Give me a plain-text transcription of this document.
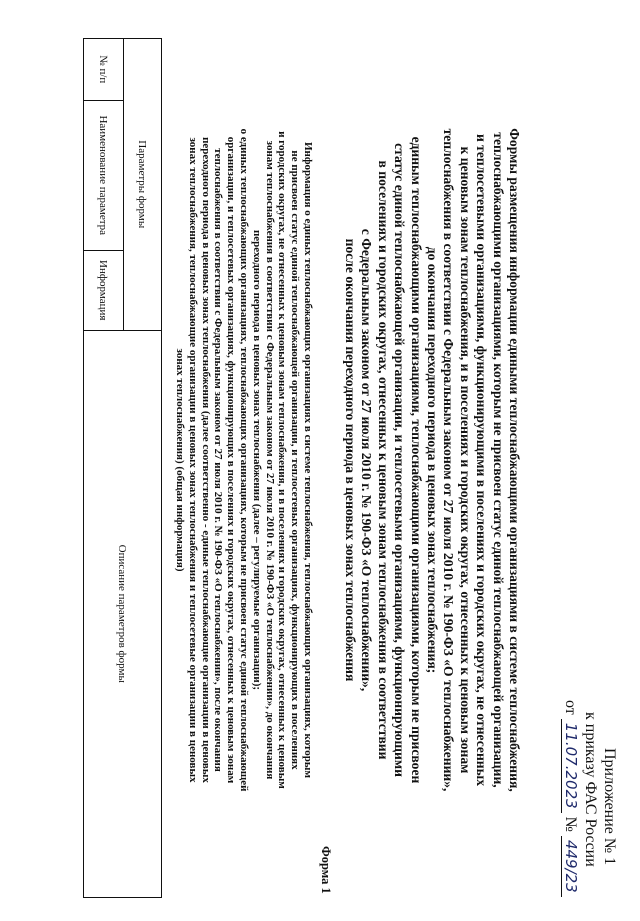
Приложение № 1
к приказу ФАС России
от 11.07.2023 № 449/23
Формы размещения информации едиными теплоснабжающими организациями в системе теплоснабжения,
теплоснабжающими организациями, которым не присвоен статус единой теплоснабжающей организации,
и теплосетевыми организациями, функционирующими в поселениях и городских округах, не отнесенных
к ценовым зонам теплоснабжения, и в поселениях и городских округах, отнесенных к ценовым зонам
теплоснабжения в соответствии с Федеральным законом от 27 июля 2010 г. № 190-ФЗ «О теплоснабжении»,
до окончания переходного периода в ценовых зонах теплоснабжения;
единым теплоснабжающими организациями, теплоснабжающими организациями, которым не присвоен
статус единой теплоснабжающей организации, и теплосетевыми организациями, функционирующими
в поселениях и городских округах, отнесенных к ценовым зонам теплоснабжения в соответствии
с Федеральным законом от 27 июля 2010 г. № 190-ФЗ «О теплоснабжении»,
после окончания переходного периода в ценовых зонах теплоснабжения
Форма 1
Информация о единых теплоснабжающих организациях в системе теплоснабжения, теплоснабжающих организациях, которым
не присвоен статус единой теплоснабжающей организации, и теплосетевых организациях, функционирующих в поселениях
и городских округах, не отнесенных к ценовым зонам теплоснабжения, и в поселениях и городских округах, отнесенных к ценовым
зонам теплоснабжения в соответствии с Федеральным законом от 27 июля 2010 г. № 190-ФЗ «О теплоснабжении», до окончания
переходного периода в ценовых зонах теплоснабжения (далее – регулируемые организации);
о единых теплоснабжающих организациях, теплоснабжающих организациях, которым не присвоен статус единой теплоснабжающей
организации, и теплосетевых организациях, функционирующих в поселениях и городских округах, отнесенных к ценовым зонам
теплоснабжения в соответствии с Федеральным законом от 27 июля 2010 г. № 190-ФЗ «О теплоснабжении», после окончания
переходного периода в ценовых зонах теплоснабжения (далее соответственно - единые теплоснабжающие организации в ценовых
зонах теплоснабжения, теплоснабжающие организации в ценовых зонах теплоснабжения и теплосетевые организации в ценовых
зонах теплоснабжения) (общая информация)
Параметры формы			Описание параметров формы
№ п/п	Наименование параметра	Информация	
